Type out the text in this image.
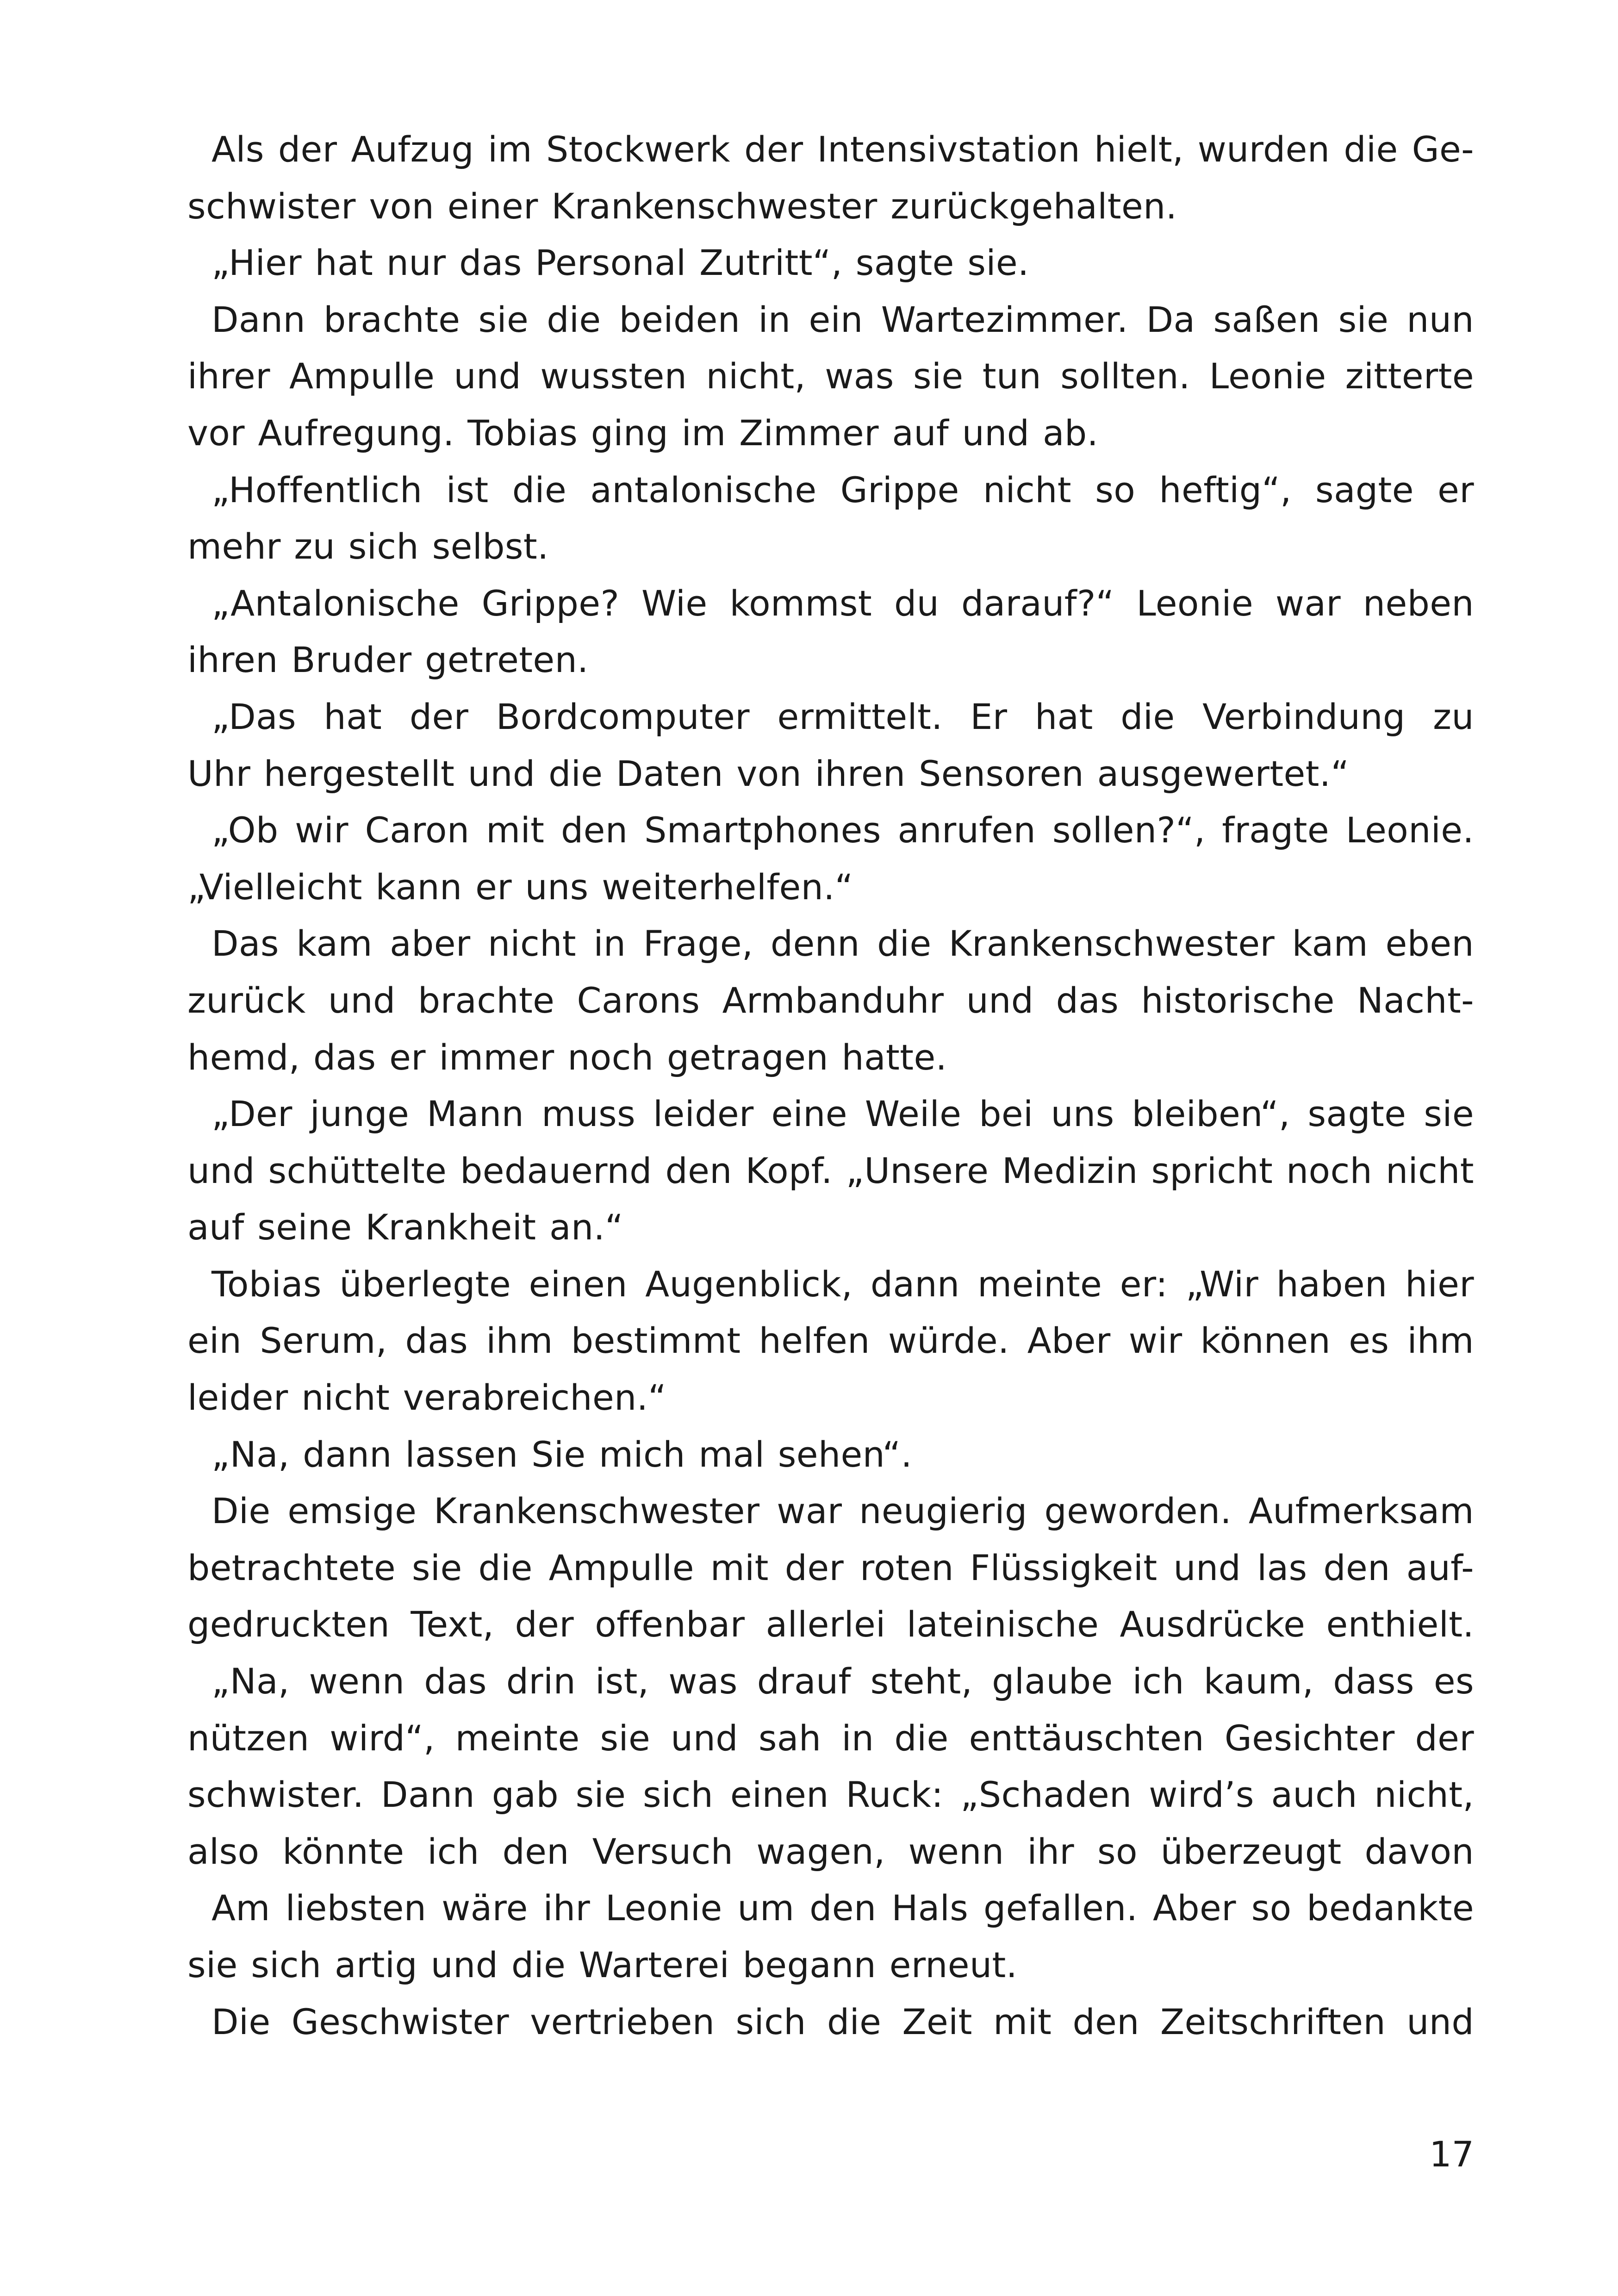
Als der Aufzug im Stockwerk der Intensivstation hielt, wurden die Ge-
schwister von einer Krankenschwester zurückgehalten.
„Hier hat nur das Personal Zutritt“, sagte sie.
Dann brachte sie die beiden in ein Wartezimmer. Da saßen sie nun
ihrer Ampulle und wussten nicht, was sie tun sollten. Leonie zitterte
vor Aufregung. Tobias ging im Zimmer auf und ab.
„Hoffentlich ist die antalonische Grippe nicht so heftig“, sagte er
mehr zu sich selbst.
„Antalonische Grippe? Wie kommst du darauf?“ Leonie war neben
ihren Bruder getreten.
„Das hat der Bordcomputer ermittelt. Er hat die Verbindung zu
Uhr hergestellt und die Daten von ihren Sensoren ausgewertet.“
„Ob wir Caron mit den Smartphones anrufen sollen?“, fragte Leonie.
„Vielleicht kann er uns weiterhelfen.“
Das kam aber nicht in Frage, denn die Krankenschwester kam eben
zurück und brachte Carons Armbanduhr und das historische Nacht-
hemd, das er immer noch getragen hatte.
„Der junge Mann muss leider eine Weile bei uns bleiben“, sagte sie
und schüttelte bedauernd den Kopf. „Unsere Medizin spricht noch nicht
auf seine Krankheit an.“
Tobias überlegte einen Augenblick, dann meinte er: „Wir haben hier
ein Serum, das ihm bestimmt helfen würde. Aber wir können es ihm
leider nicht verabreichen.“
„Na, dann lassen Sie mich mal sehen“.
Die emsige Krankenschwester war neugierig geworden. Aufmerksam
betrachtete sie die Ampulle mit der roten Flüssigkeit und las den auf-
gedruckten Text, der offenbar allerlei lateinische Ausdrücke enthielt.
„Na, wenn das drin ist, was drauf steht, glaube ich kaum, dass es
nützen wird“, meinte sie und sah in die enttäuschten Gesichter der
schwister. Dann gab sie sich einen Ruck: „Schaden wird’s auch nicht,
also könnte ich den Versuch wagen, wenn ihr so überzeugt davon
Am liebsten wäre ihr Leonie um den Hals gefallen. Aber so bedankte
sie sich artig und die Warterei begann erneut.
Die Geschwister vertrieben sich die Zeit mit den Zeitschriften und
17
